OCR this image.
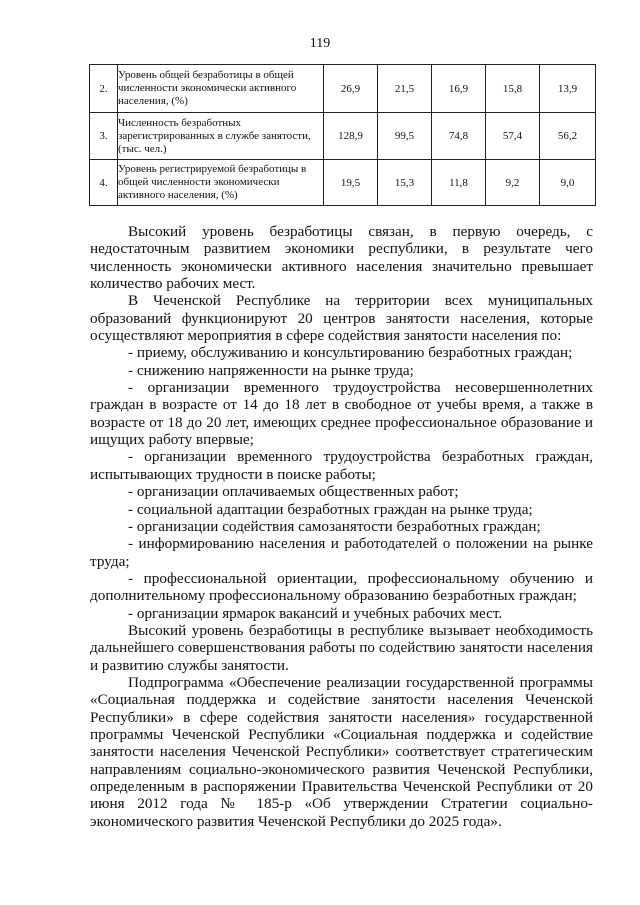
119
2.	Уровень общей безработицы в общей численности экономически активного населения, (%)	26,9	21,5	16,9	15,8	13,9
3.	Численность безработных зарегистрированных в службе занятости, (тыс. чел.)	128,9	99,5	74,8	57,4	56,2
4.	Уровень регистрируемой безработицы в общей численности экономически активного населения, (%)	19,5	15,3	11,8	9,2	9,0

Высокий уровень безработицы связан, в первую очередь, с недостаточным развитием экономики республики, в результате чего численность экономически активного населения значительно превышает количество рабочих мест.

В Чеченской Республике на территории всех муниципальных образований функционируют 20 центров занятости населения, которые осуществляют мероприятия в сфере содействия занятости населения по:

- приему, обслуживанию и консультированию безработных граждан;

- снижению напряженности на рынке труда;

- организации временного трудоустройства несовершеннолетних граждан в возрасте от 14 до 18 лет в свободное от учебы время, а также в возрасте от 18 до 20 лет, имеющих среднее профессиональное образование и ищущих работу впервые;

- организации временного трудоустройства безработных граждан, испытывающих трудности в поиске работы;

- организации оплачиваемых общественных работ;

- социальной адаптации безработных граждан на рынке труда;

- организации содействия самозанятости безработных граждан;

- информированию населения и работодателей о положении на рынке труда;

- профессиональной ориентации, профессиональному обучению и дополнительному профессиональному образованию безработных граждан;

- организации ярмарок вакансий и учебных рабочих мест.

Высокий уровень безработицы в республике вызывает необходимость дальнейшего совершенствования работы по содействию занятости населения и развитию службы занятости.

Подпрограмма «Обеспечение реализации государственной программы «Социальная поддержка и содействие занятости населения Чеченской Республики» в сфере содействия занятости населения» государственной программы Чеченской Республики «Социальная поддержка и содействие занятости населения Чеченской Республики» соответствует стратегическим направлениям социально-экономического развития Чеченской Республики, определенным в распоряжении Правительства Чеченской Республики от 20 июня 2012 года № 185-р «Об утверждении Стратегии социально-экономического развития Чеченской Республики до 2025 года».
